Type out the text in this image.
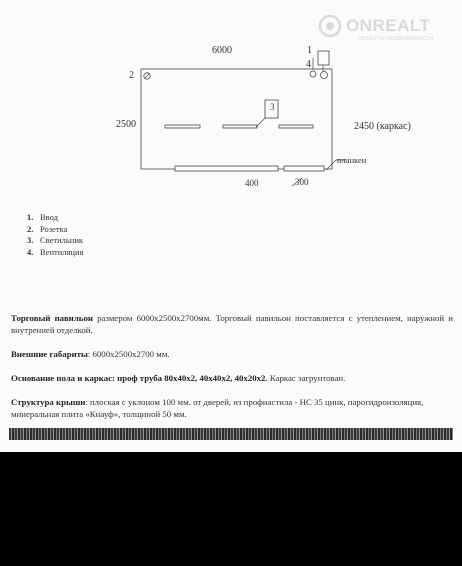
ONREALT
ОБЪЕКТЫ НЕДВИЖИМОСТИ
6000
2
1
4
3
2500	2450 (каркас)
планкен
400	300
1. Ввод
2. Розетка
3. Светильник
4. Вентиляция

Торговый павильон размером 6000х2500х2700мм. Торговый павильон поставляется с утеплением, наружной и внутренней отделкой.

Внешние габариты: 6000х2500х2700 мм.

Основание пола и каркас: проф труба 80х40х2, 40х40х2, 40х20х2. Каркас загрунтован.

Структура крыши: плоская с уклоном 100 мм. от дверей, из профнастила - НС 35 цинк, парогидроизоляция, минеральная плита «Кнауф», толщиной 50 мм.
